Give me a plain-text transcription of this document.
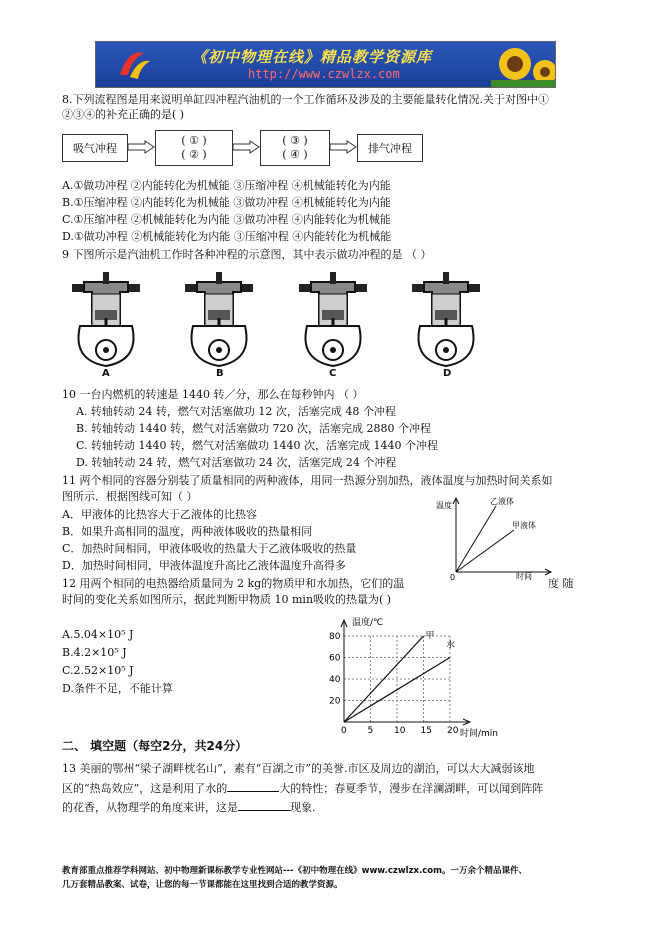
《初中物理在线》精品教学资源库
http://www.czwlzx.com
8.下列流程图是用来说明单缸四冲程汽油机的一个工作循环及涉及的主要能量转化情况.关于对图中①
②③④的补充正确的是( )
吸气冲程
( ① )
( ② )
( ③ )
( ④ )	排气冲程
A.①做功冲程 ②内能转化为机械能 ③压缩冲程 ④机械能转化为内能
B.①压缩冲程 ②内能转化为机械能 ③做功冲程 ④机械能转化为内能
C.①压缩冲程 ②机械能转化为内能 ③做功冲程 ④内能转化为机械能
D.①做功冲程 ②机械能转化为内能 ③压缩冲程 ④内能转化为机械能
9 下图所示是汽油机工作时各种冲程的示意图，其中表示做功冲程的是 （ ）
A	B	C	D
10 一台内燃机的转速是 1440 转／分，那么在每秒钟内 （ ）
A. 转轴转动 24 转，燃气对活塞做功 12 次，活塞完成 48 个冲程
B. 转轴转动 1440 转，燃气对活塞做功 720 次，活塞完成 2880 个冲程
C. 转轴转动 1440 转，燃气对活塞做功 1440 次，活塞完成 1440 个冲程
D. 转轴转动 24 转，燃气对活塞做功 24 次，活塞完成 24 个冲程
11 两个相同的容器分别装了质量相同的两种液体，用同一热源分别加热，液体温度与加热时间关系如
图所示．根据图线可知（ ）
A．甲液体的比热容大于乙液体的比热容
B．如果升高相同的温度，两种液体吸收的热量相同
C．加热时间相同，甲液体吸收的热量大于乙液体吸收的热量
D．加热时间相同，甲液体温度升高比乙液体温度升高得多
温度
时间
0
乙液体
甲液体
12 用两个相同的电热器给质量同为 2 kg的物质甲和水加热，它们的温	度 随
时间的变化关系如图所示，据此判断甲物质 10 min吸收的热量为( )
A.5.04×10⁵ J
B.4.2×10⁵ J
C.2.52×10⁵ J
D.条件不足，不能计算
0 5 10 15 20
80
60
40
20
温度/℃
时间/min
甲
水
二、 填空题（每空2分，共24分）
13 美丽的鄂州“梁子湖畔枕名山”，素有“百湖之市”的美誉.市区及周边的湖泊，可以大大减弱该地
区的“热岛效应”，这是利用了水的	大的特性；春夏季节，漫步在洋澜湖畔，可以闻到阵阵
的花香，从物理学的角度来讲，这是	现象.
教育部重点推荐学科网站、初中物理新课标教学专业性网站---《初中物理在线》www.czwlzx.com。一万余个精品课件、
几万套精品教案、试卷，让您的每一节课都能在这里找到合适的教学资源。
